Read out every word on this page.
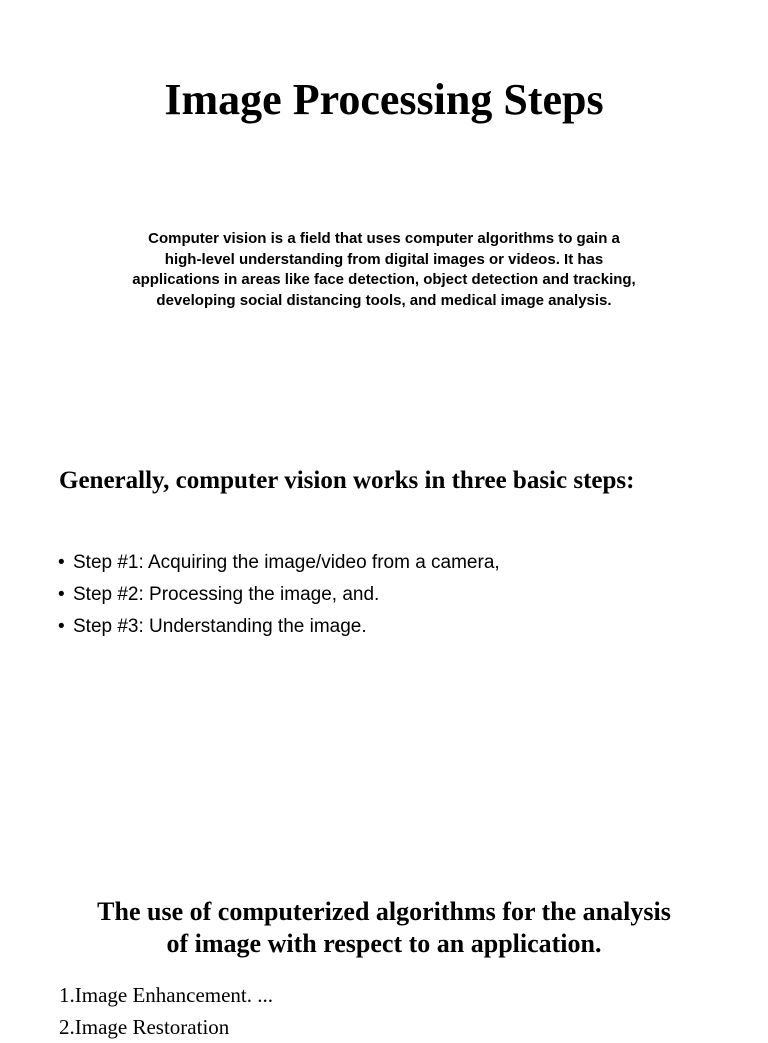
Image Processing Steps

Computer vision is a field that uses computer algorithms to gain a
high-level understanding from digital images or videos. It has
applications in areas like face detection, object detection and tracking,
developing social distancing tools, and medical image analysis.

Generally, computer vision works in three basic steps:
• Step #1: Acquiring the image/video from a camera,
• Step #2: Processing the image, and.
• Step #3: Understanding the image.
The use of computerized algorithms for the analysis
of image with respect to an application.
1.Image Enhancement. ...
2.Image Restoration
